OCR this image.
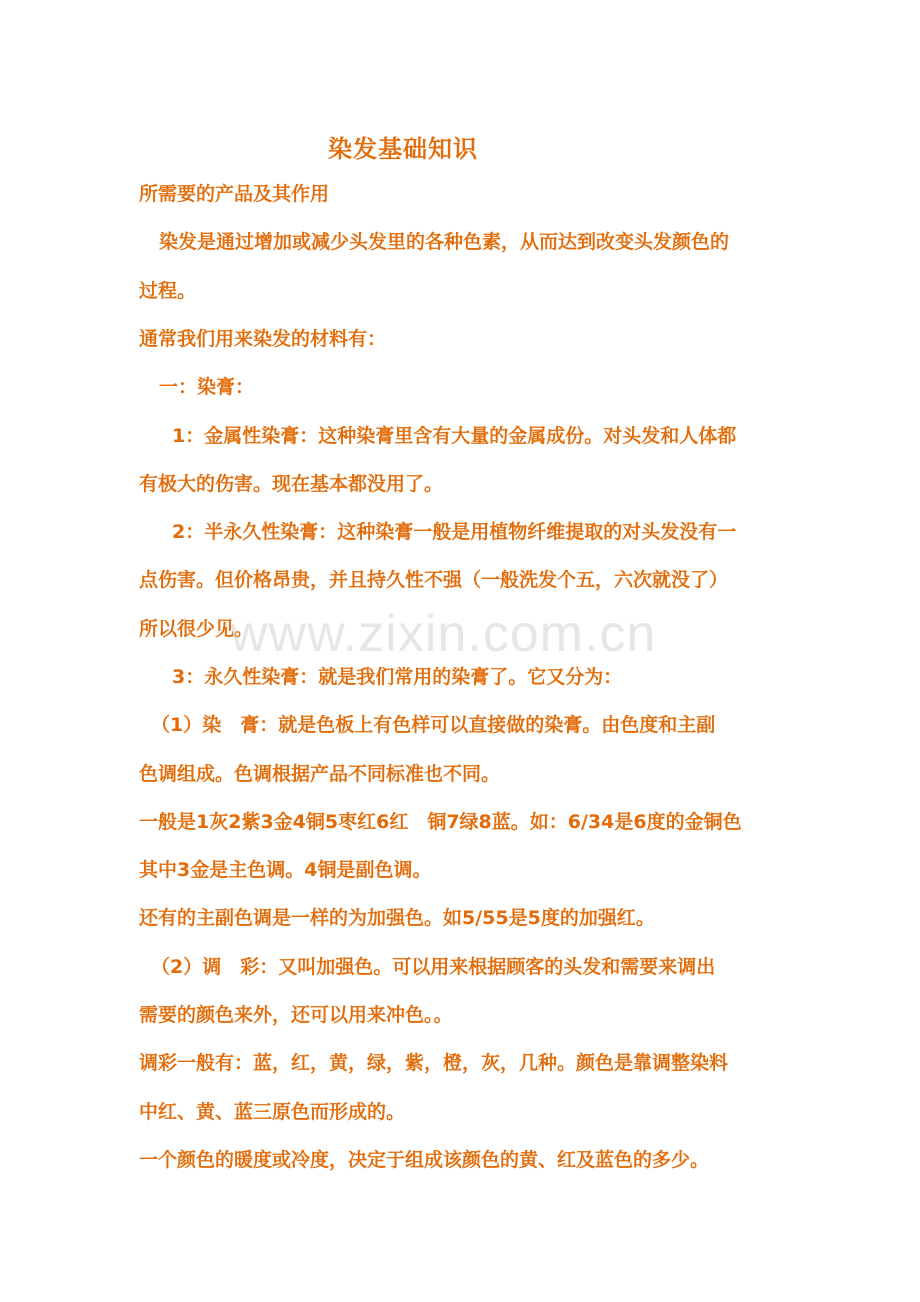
染发基础知识
所需要的产品及其作用
染发是通过增加或减少头发里的各种色素，从而达到改变头发颜色的
过程。
通常我们用来染发的材料有：
一：染膏：
1：金属性染膏：这种染膏里含有大量的金属成份。对头发和人体都
有极大的伤害。现在基本都没用了。
2：半永久性染膏：这种染膏一般是用植物纤维提取的对头发没有一
点伤害。但价格昂贵，并且持久性不强（一般洗发个五，六次就没了）
所以很少见。
3：永久性染膏：就是我们常用的染膏了。它又分为：
（1）染　膏：就是色板上有色样可以直接做的染膏。由色度和主副
色调组成。色调根据产品不同标准也不同。
一般是1灰2紫3金4铜5枣红6红　铜7绿8蓝。如：6/34是6度的金铜色
其中3金是主色调。4铜是副色调。
还有的主副色调是一样的为加强色。如5/55是5度的加强红。
（2）调　彩：又叫加强色。可以用来根据顾客的头发和需要来调出
需要的颜色来外，还可以用来冲色。。
调彩一般有：蓝，红，黄，绿，紫，橙，灰，几种。颜色是靠调整染料
中红、黄、蓝三原色而形成的。
一个颜色的暖度或冷度，决定于组成该颜色的黄、红及蓝色的多少。
www.zixin.com.cn
